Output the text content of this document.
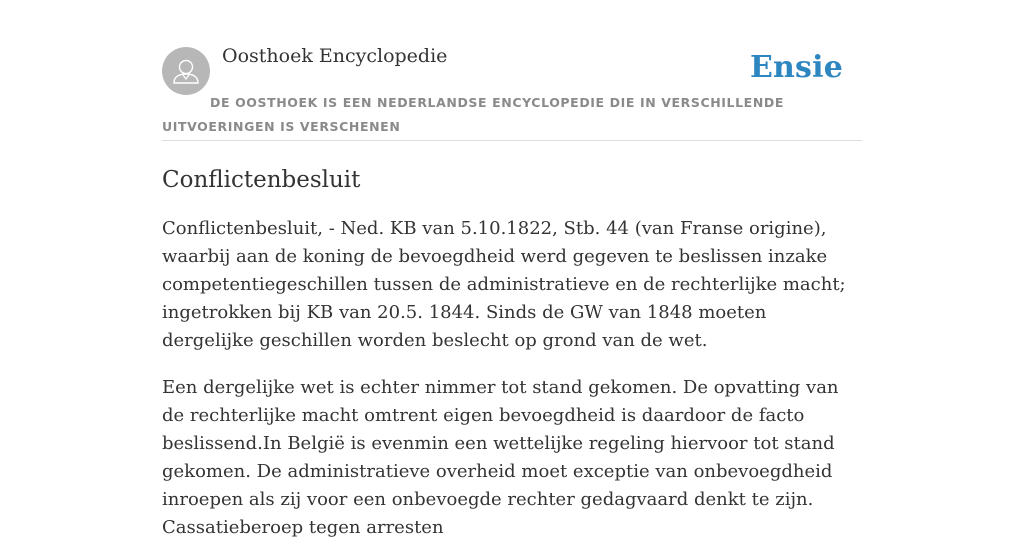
Oosthoek Encyclopedie	Ensie
DE OOSTHOEK IS EEN NEDERLANDSE ENCYCLOPEDIE DIE IN VERSCHILLENDE UITVOERINGEN IS VERSCHENEN
Conflictenbesluit

Conflictenbesluit, - Ned. KB van 5.10.1822, Stb. 44 (van Franse origine), waarbij aan de koning de bevoegdheid werd gegeven te beslissen inzake competentiegeschillen tussen de administratieve en de rechterlijke macht; ingetrokken bij KB van 20.5. 1844. Sinds de GW van 1848 moeten dergelijke geschillen worden beslecht op grond van de wet.

Een dergelijke wet is echter nimmer tot stand gekomen. De opvatting van de rechterlijke macht omtrent eigen bevoegdheid is daardoor de facto beslissend.In België is evenmin een wettelijke regeling hiervoor tot stand gekomen. De administratieve overheid moet exceptie van onbevoegdheid inroepen als zij voor een onbevoegde rechter gedagvaard denkt te zijn. Cassatieberoep tegen arresten
